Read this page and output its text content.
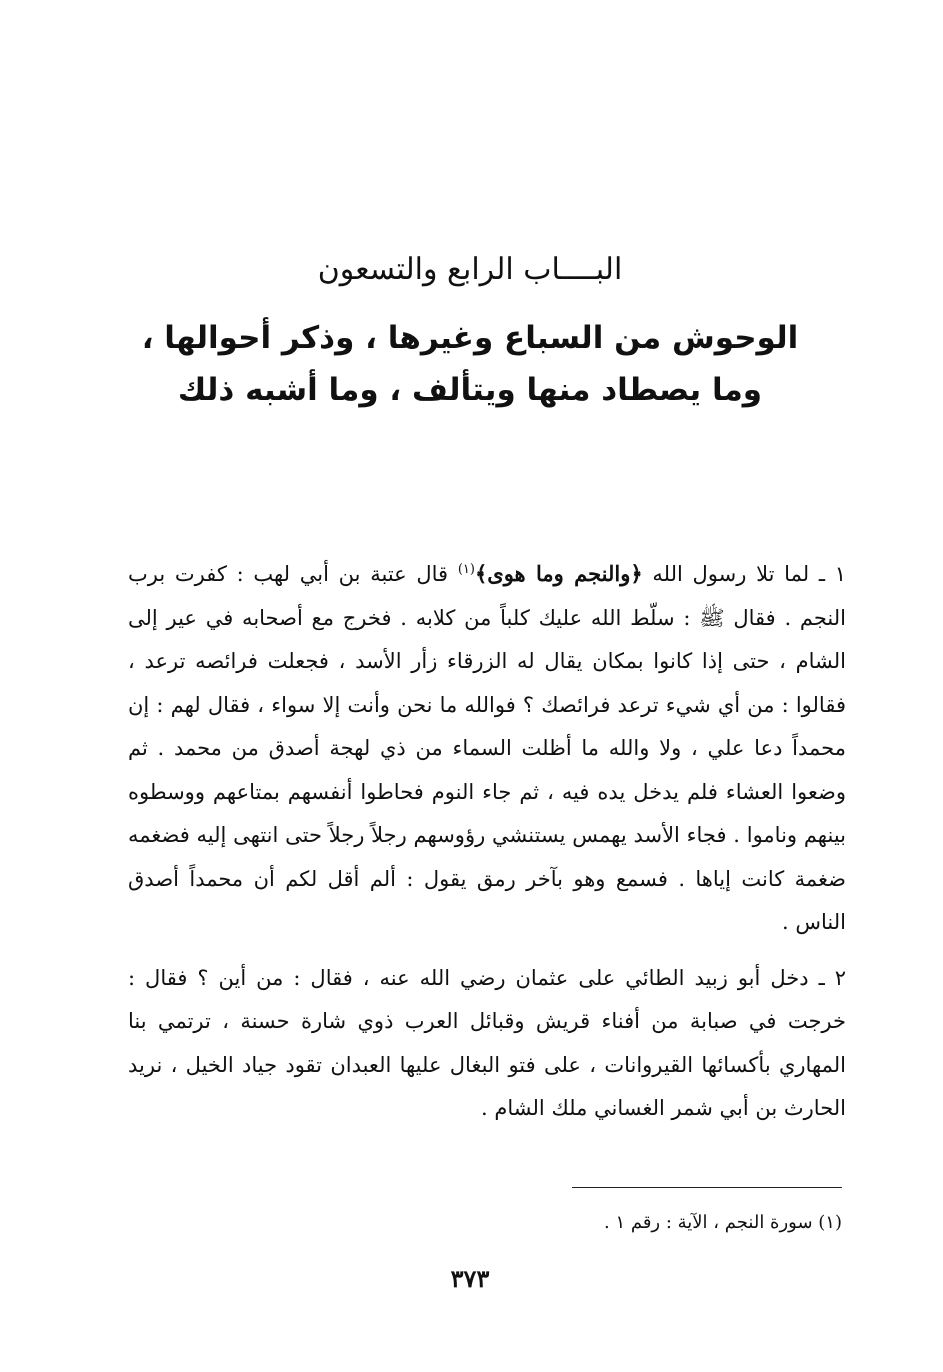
البــــاب الرابع والتسعون
الوحوش من السباع وغيرها ، وذكر أحوالها ،
وما يصطاد منها ويتألف ، وما أشبه ذلك

١ ـ لما تلا رسول الله ﴿والنجم وما هوى﴾$^{(١)}$ قال عتبة بن أبي لهب : كفرت برب النجم . فقال ﷺ : سلّط الله عليك كلباً من كلابه . فخرج مع أصحابه في عير إلى الشام ، حتى إذا كانوا بمكان يقال له الزرقاء زأر الأسد ، فجعلت فرائصه ترعد ، فقالوا : من أي شيء ترعد فرائصك ؟ فوالله ما نحن وأنت إلا سواء ، فقال لهم : إن محمداً دعا علي ، ولا والله ما أظلت السماء من ذي لهجة أصدق من محمد . ثم وضعوا العشاء فلم يدخل يده فيه ، ثم جاء النوم فحاطوا أنفسهم بمتاعهم ووسطوه بينهم وناموا . فجاء الأسد يهمس يستنشي رؤوسهم رجلاً رجلاً حتى انتهى إليه فضغمه ضغمة كانت إياها . فسمع وهو بآخر رمق يقول : ألم أقل لكم أن محمداً أصدق الناس .

٢ ـ دخل أبو زبيد الطائي على عثمان رضي الله عنه ، فقال : من أين ؟ فقال : خرجت في صبابة من أفناء قريش وقبائل العرب ذوي شارة حسنة ، ترتمي بنا المهاري بأكسائها القيروانات ، على فتو البغال عليها العبدان تقود جياد الخيل ، نريد الحارث بن أبي شمر الغساني ملك الشام .

(١) سورة النجم ، الآية : رقم ١ .
٣٧٣
